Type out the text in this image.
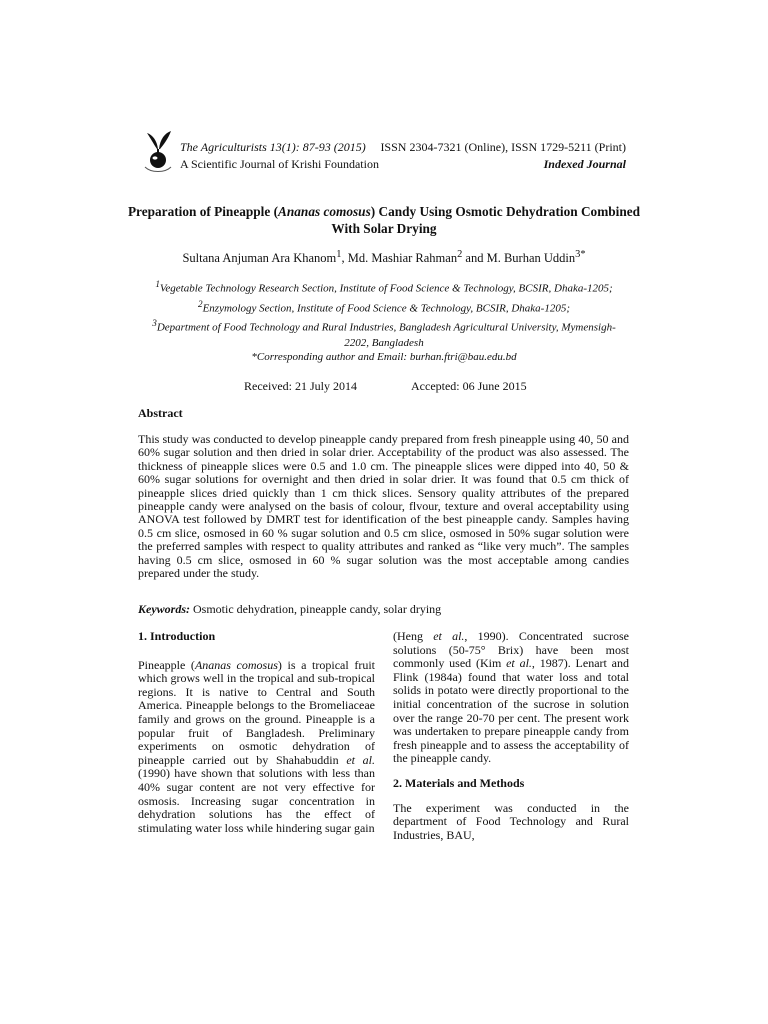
The Agriculturists 13(1): 87-93 (2015) ISSN 2304-7321 (Online), ISSN 1729-5211 (Print)
A Scientific Journal of Krishi Foundation	Indexed Journal
Preparation of Pineapple (Ananas comosus) Candy Using Osmotic Dehydration Combined With Solar Drying
Sultana Anjuman Ara Khanom$^1$, Md. Mashiar Rahman$^2$ and M. Burhan Uddin$^{3*}$
$^1$Vegetable Technology Research Section, Institute of Food Science & Technology, BCSIR, Dhaka-1205; $^2$Enzymology Section, Institute of Food Science & Technology, BCSIR, Dhaka-1205;
$^3$Department of Food Technology and Rural Industries, Bangladesh Agricultural University, Mymensigh-2202, Bangladesh
*Corresponding author and Email: burhan.ftri@bau.edu.bd
Received: 21 July 2014	Accepted: 06 June 2015
Abstract

This study was conducted to develop pineapple candy prepared from fresh pineapple using 40, 50 and 60% sugar solution and then dried in solar drier. Acceptability of the product was also assessed. The thickness of pineapple slices were 0.5 and 1.0 cm. The pineapple slices were dipped into 40, 50 & 60% sugar solutions for overnight and then dried in solar drier. It was found that 0.5 cm thick of pineapple slices dried quickly than 1 cm thick slices. Sensory quality attributes of the prepared pineapple candy were analysed on the basis of colour, flvour, texture and overal acceptability using ANOVA test followed by DMRT test for identification of the best pineapple candy. Samples having 0.5 cm slice, osmosed in 60 % sugar solution and 0.5 cm slice, osmosed in 50% sugar solution were the preferred samples with respect to quality attributes and ranked as “like very much”. The samples having 0.5 cm slice, osmosed in 60 % sugar solution was the most acceptable among candies prepared under the study.

Keywords: Osmotic dehydration, pineapple candy, solar drying

1. Introduction

Pineapple (Ananas comosus) is a tropical fruit which grows well in the tropical and sub-tropical regions. It is native to Central and South America. Pineapple belongs to the Bromeliaceae family and grows on the ground. Pineapple is a popular fruit of Bangladesh. Preliminary experiments on osmotic dehydration of pineapple carried out by Shahabuddin et al. (1990) have shown that solutions with less than 40% sugar content are not very effective for osmosis. Increasing sugar concentration in dehydration solutions has the effect of stimulating water loss while hindering sugar gain

(Heng et al., 1990). Concentrated sucrose solutions (50-75° Brix) have been most commonly used (Kim et al., 1987). Lenart and Flink (1984a) found that water loss and total solids in potato were directly proportional to the initial concentration of the sucrose in solution over the range 20-70 per cent. The present work was undertaken to prepare pineapple candy from fresh pineapple and to assess the acceptability of the pineapple candy.

2. Materials and Methods

The experiment was conducted in the department of Food Technology and Rural Industries, BAU,
